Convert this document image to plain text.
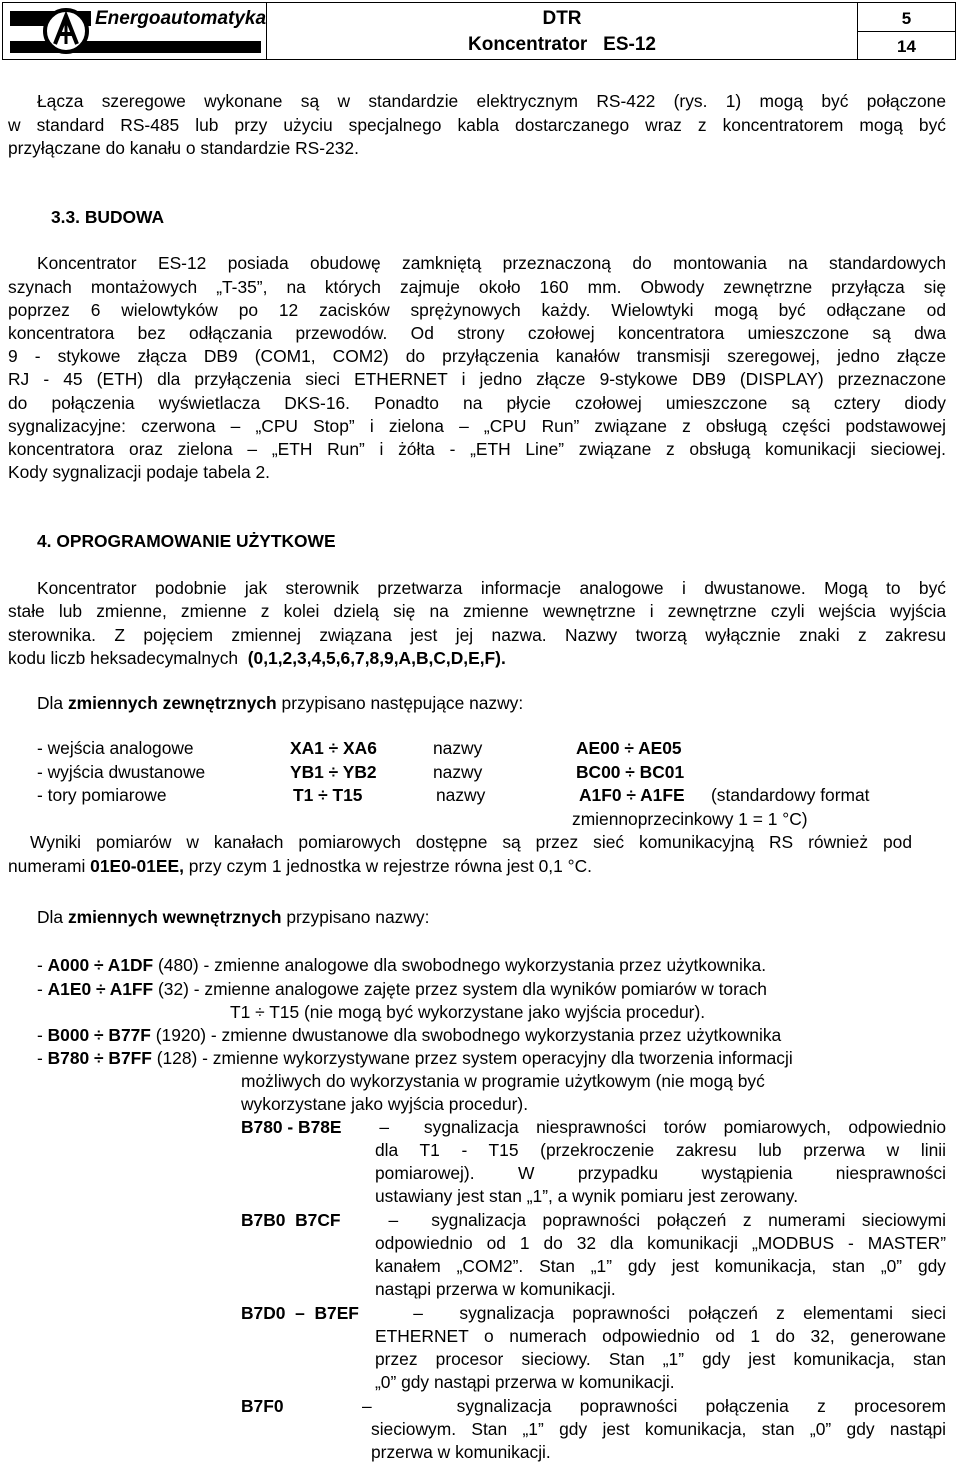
Energoautomatyka	DTR
Koncentrator   ES-12
5
14
Łącza szeregowe wykonane są w standardzie elektrycznym RS-422 (rys. 1) mogą być połączone
w standard RS-485 lub przy użyciu specjalnego kabla dostarczanego wraz z koncentratorem mogą być
przyłączane do kanału o standardzie RS-232.
3.3. BUDOWA
Koncentrator ES-12 posiada obudowę zamkniętą przeznaczoną do montowania na standardowych
szynach montażowych „T-35”, na których zajmuje około 160 mm. Obwody zewnętrzne przyłącza się
poprzez 6 wielowtyków po 12 zacisków sprężynowych każdy. Wielowtyki mogą być odłączane od
koncentratora bez odłączania przewodów. Od strony czołowej koncentratora umieszczone są dwa
9 - stykowe złącza DB9 (COM1, COM2) do przyłączenia kanałów transmisji szeregowej, jedno złącze
RJ - 45 (ETH) dla przyłączenia sieci ETHERNET i jedno złącze 9-stykowe DB9 (DISPLAY) przeznaczone
do połączenia wyświetlacza DKS-16. Ponadto na płycie czołowej umieszczone są cztery diody
sygnalizacyjne: czerwona – „CPU Stop” i zielona – „CPU Run” związane z obsługą części podstawowej
koncentratora oraz zielona – „ETH Run” i żółta - „ETH Line” związane z obsługą komunikacji sieciowej.
Kody sygnalizacji podaje tabela 2.
4. OPROGRAMOWANIE UŻYTKOWE
Koncentrator podobnie jak sterownik przetwarza informacje analogowe i dwustanowe. Mogą to być
stałe lub zmienne, zmienne z kolei dzielą się na zmienne wewnętrzne i zewnętrzne czyli wejścia wyjścia
sterownika. Z pojęciem zmiennej związana jest jej nazwa. Nazwy tworzą wyłącznie znaki z zakresu
kodu liczb heksadecymalnych  (0,1,2,3,4,5,6,7,8,9,A,B,C,D,E,F).
Dla zmiennych zewnętrznych przypisano następujące nazwy:
- wejścia analogowe	XA1 ÷ XA6	nazwy	AE00 ÷ AE05
- wyjścia dwustanowe	YB1 ÷ YB2	nazwy	BC00 ÷ BC01
- tory pomiarowe	T1 ÷ T15	nazwy	A1F0 ÷ A1FE (standardowy format
zmiennoprzecinkowy 1 = 1 °C)
Wyniki pomiarów w kanałach pomiarowych dostępne są przez sieć komunikacyjną RS również pod
numerami 01E0-01EE, przy czym 1 jednostka w rejestrze równa jest 0,1 °C.
Dla zmiennych wewnętrznych przypisano nazwy:
- A000 ÷ A1DF (480) - zmienne analogowe dla swobodnego wykorzystania przez użytkownika.
- A1E0 ÷ A1FF (32) - zmienne analogowe zajęte przez system dla wyników pomiarów w torach
T1 ÷ T15 (nie mogą być wykorzystane jako wyjścia procedur).
- B000 ÷ B77F (1920) - zmienne dwustanowe dla swobodnego wykorzystania przez użytkownika
- B780 ÷ B7FF (128) - zmienne wykorzystywane przez system operacyjny dla tworzenia informacji
możliwych do wykorzystania w programie użytkowym (nie mogą być
wykorzystane jako wyjścia procedur).
B780 - B78E –  sygnalizacja niesprawności torów pomiarowych, odpowiednio
dla T1 - T15 (przekroczenie zakresu lub przerwa w linii
pomiarowej). W przypadku wystąpienia niesprawności
ustawiany jest stan „1”, a wynik pomiaru jest zerowany.
B7B0  B7CF –  sygnalizacja poprawności połączeń z numerami sieciowymi
odpowiednio od 1 do 32 dla komunikacji „MODBUS - MASTER”
kanałem „COM2”. Stan „1” gdy jest komunikacja, stan „0” gdy
nastąpi przerwa w komunikacji.
B7D0  –  B7EF –  sygnalizacja poprawności połączeń z elementami sieci
ETHERNET o numerach odpowiednio od 1 do 32, generowane
przez procesor sieciowy. Stan „1” gdy jest komunikacja, stan
„0” gdy nastąpi przerwa w komunikacji.
B7F0	–   sygnalizacja poprawności połączenia z procesorem
sieciowym. Stan „1” gdy jest komunikacja, stan „0” gdy nastąpi
przerwa w komunikacji.
